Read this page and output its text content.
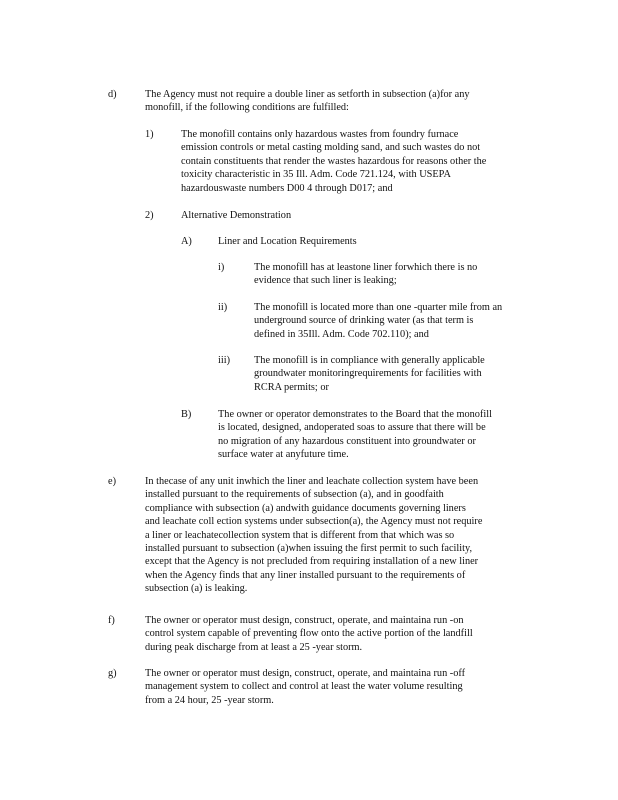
d)	The Agency must not require a double liner as setforth in subsection (a)for any
monofill, if the following conditions are fulfilled:

1)	The monofill contains only hazardous wastes from foundry furnace
emission controls or metal casting molding sand, and such wastes do not
contain constituents that render the wastes hazardous for reasons other the
toxicity characteristic in 35 Ill. Adm. Code 721.124, with USEPA
hazardouswaste numbers D00 4 through D017; and

2)	Alternative Demonstration

A)	Liner and Location Requirements

i)	The monofill has at leastone liner forwhich there is no
evidence that such liner is leaking;

ii)	The monofill is located more than one -quarter mile from an
underground source of drinking water (as that term is
defined in 35Ill. Adm. Code 702.110); and

iii) The monofill is in compliance with generally applicable
groundwater monitoringrequirements for facilities with
RCRA permits; or

B)	The owner or operator demonstrates to the Board that the monofill
is located, designed, andoperated soas to assure that there will be
no migration of any hazardous constituent into groundwater or
surface water at anyfuture time.

e)	In thecase of any unit inwhich the liner and leachate collection system have been
installed pursuant to the requirements of subsection (a), and in goodfaith
compliance with subsection (a) andwith guidance documents governing liners
and leachate coll ection systems under subsection(a), the Agency must not require
a liner or leachatecollection system that is different from that which was so
installed pursuant to subsection (a)when issuing the first permit to such facility,
except that the Agency is not precluded from requiring installation of a new liner
when the Agency finds that any liner installed pursuant to the requirements of
subsection (a) is leaking.

f)	The owner or operator must design, construct, operate, and maintaina run -on
control system capable of preventing flow onto the active portion of the landfill
during peak discharge from at least a 25 -year storm.

g)	The owner or operator must design, construct, operate, and maintaina run -off
management system to collect and control at least the water volume resulting
from a 24 hour, 25 -year storm.
